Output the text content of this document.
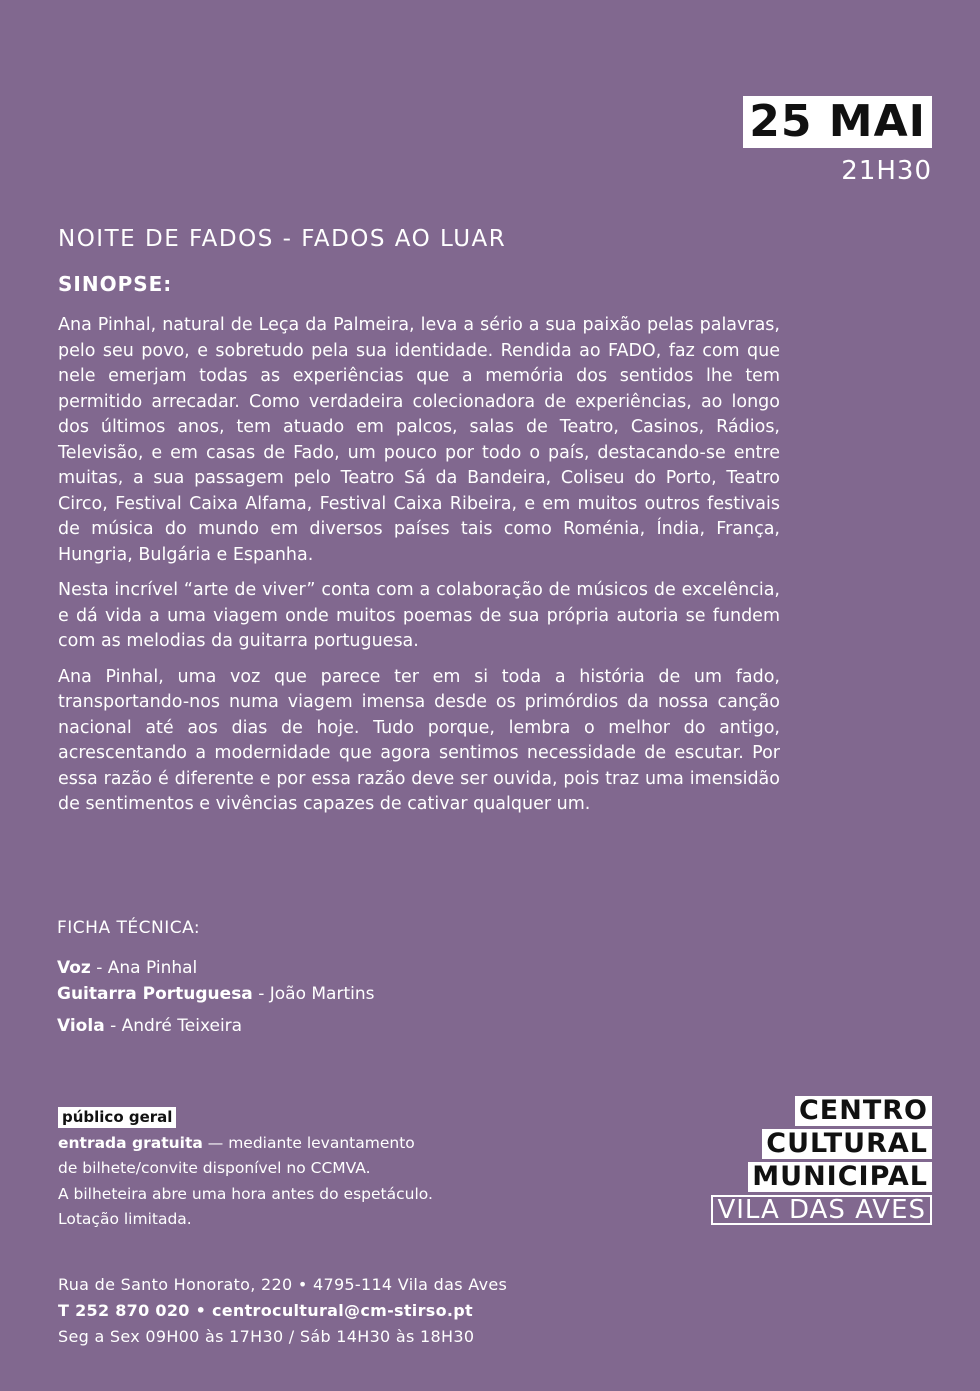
25 MAI
21H30
NOITE DE FADOS - FADOS AO LUAR
SINOPSE:

Ana Pinhal, natural de Leça da Palmeira, leva a sério a sua paixão pelas palavras, pelo seu povo, e sobretudo pela sua identidade. Rendida ao FADO, faz com que nele emerjam todas as experiências que a memória dos sentidos lhe tem permitido arrecadar. Como verdadeira colecionadora de experiências, ao longo dos últimos anos, tem atuado em palcos, salas de Teatro, Casinos, Rádios, Televisão, e em casas de Fado, um pouco por todo o país, destacando-se entre muitas, a sua passagem pelo Teatro Sá da Bandeira, Coliseu do Porto, Teatro Circo, Festival Caixa Alfama, Festival Caixa Ribeira, e em muitos outros festivais de música do mundo em diversos países tais como Roménia, Índia, França, Hungria, Bulgária e Espanha.

Nesta incrível “arte de viver” conta com a colaboração de músicos de excelência, e dá vida a uma viagem onde muitos poemas de sua própria autoria se fundem com as melodias da guitarra portuguesa.

Ana Pinhal, uma voz que parece ter em si toda a história de um fado, transportando-nos numa viagem imensa desde os primórdios da nossa canção nacional até aos dias de hoje. Tudo porque, lembra o melhor do antigo, acrescentando a modernidade que agora sentimos necessidade de escutar. Por essa razão é diferente e por essa razão deve ser ouvida, pois traz uma imensidão de sentimentos e vivências capazes de cativar qualquer um.

FICHA TÉCNICA:

Voz - Ana Pinhal

Guitarra Portuguesa - João Martins

Viola - André Teixeira

público geral

entrada gratuita — mediante levantamento

de bilhete/convite disponível no CCMVA.

A bilheteira abre uma hora antes do espetáculo.

Lotação limitada.

CENTRO
CULTURAL
MUNICIPAL
VILA DAS AVES

Rua de Santo Honorato, 220 • 4795-114 Vila das Aves

T 252 870 020 • centrocultural@cm-stirso.pt

Seg a Sex 09H00 às 17H30 / Sáb 14H30 às 18H30
